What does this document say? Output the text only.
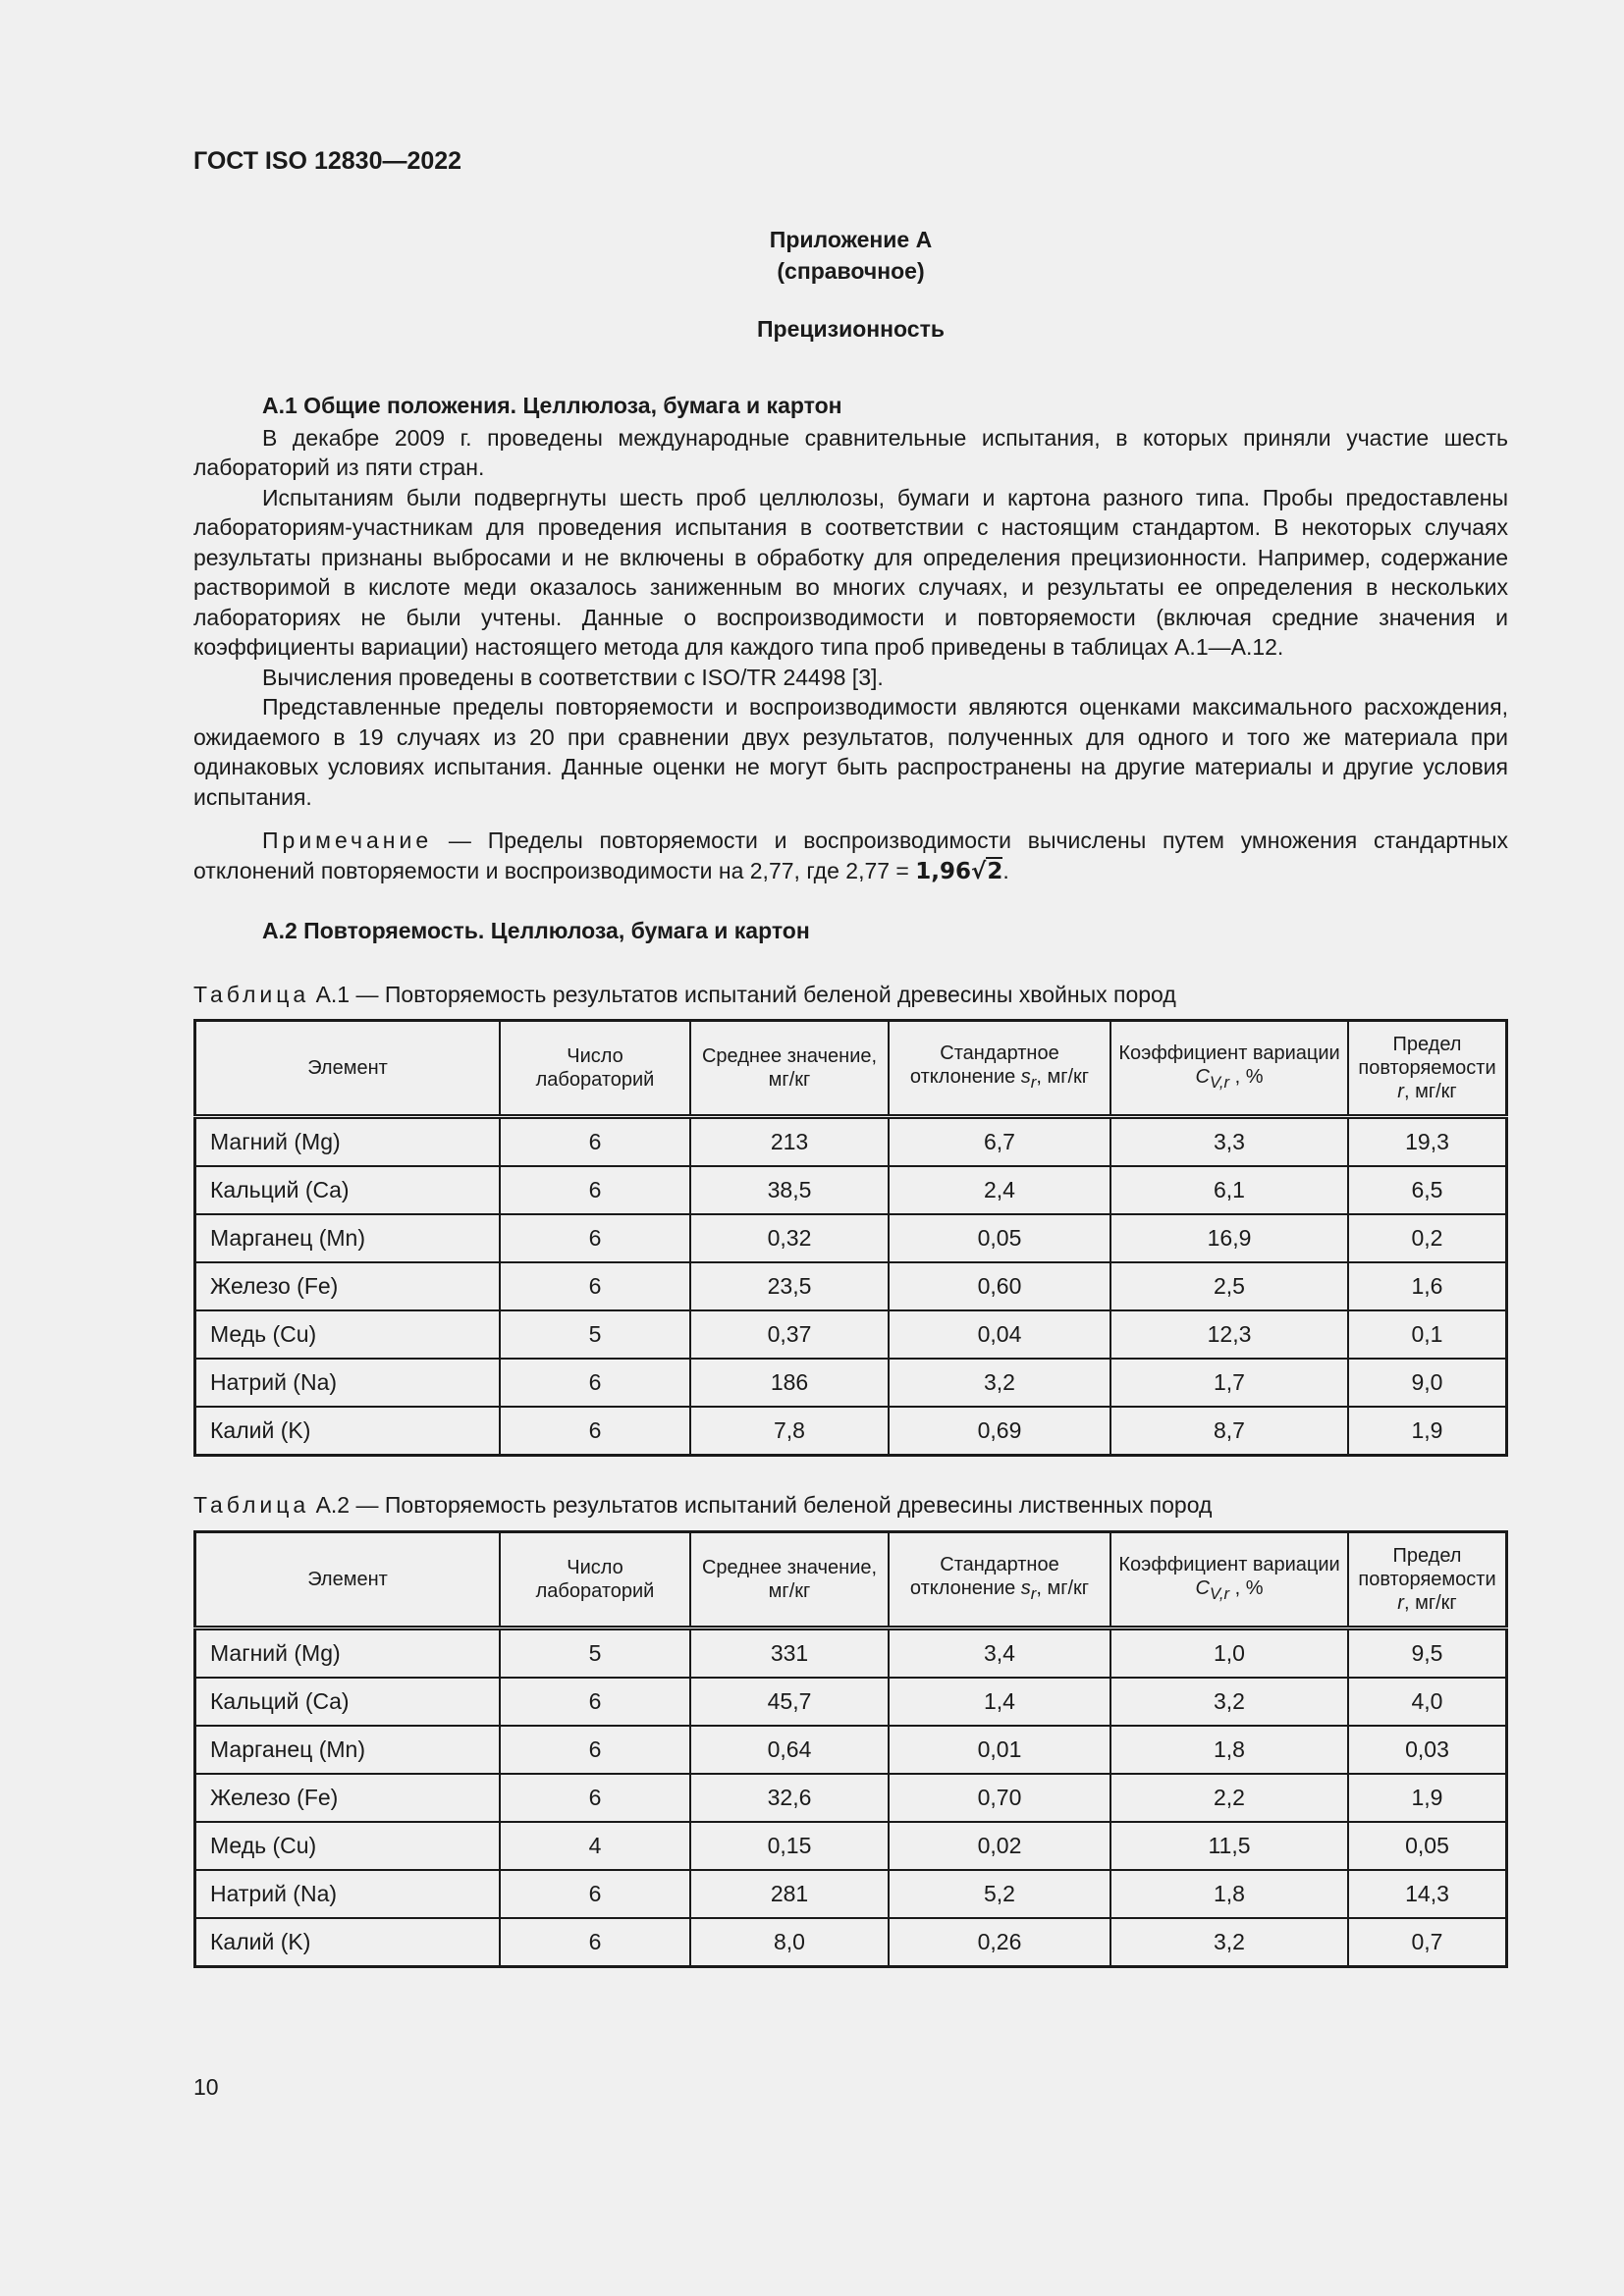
ГОСТ ISO 12830—2022
Приложение А
(справочное)
Прецизионность

А.1 Общие положения. Целлюлоза, бумага и картон

В декабре 2009 г. проведены международные сравнительные испытания, в которых приняли участие шесть лабораторий из пяти стран.

Испытаниям были подвергнуты шесть проб целлюлозы, бумаги и картона разного типа. Пробы предоставлены лабораториям-участникам для проведения испытания в соответствии с настоящим стандартом. В некоторых случаях результаты признаны выбросами и не включены в обработку для определения прецизионности. Например, содержание растворимой в кислоте меди оказалось заниженным во многих случаях, и результаты ее определения в нескольких лабораториях не были учтены. Данные о воспроизводимости и повторяемости (включая средние значения и коэффициенты вариации) настоящего метода для каждого типа проб приведены в таблицах А.1—А.12.

Вычисления проведены в соответствии с ISO/TR 24498 [3].

Представленные пределы повторяемости и воспроизводимости являются оценками максимального расхождения, ожидаемого в 19 случаях из 20 при сравнении двух результатов, полученных для одного и того же материала при одинаковых условиях испытания. Данные оценки не могут быть распространены на другие материалы и другие условия испытания.

Примечание — Пределы повторяемости и воспроизводимости вычислены путем умножения стандартных отклонений повторяемости и воспроизводимости на 2,77, где 2,77 = 1,96√2.

А.2 Повторяемость. Целлюлоза, бумага и картон

Таблица А.1 — Повторяемость результатов испытаний беленой древесины хвойных пород

Элемент	Число лабораторий	Среднее значение, мг/кг	Стандартное отклонение $s_r$, мг/кг	Коэффициент вариации $C_{V,r}$ , %	Предел повторяемости r, мг/кг
Магний (Mg)	6	213	6,7	3,3	19,3
Кальций (Ca)	6	38,5	2,4	6,1	6,5
Марганец (Mn)	6	0,32	0,05	16,9	0,2
Железо (Fe)	6	23,5	0,60	2,5	1,6
Медь (Cu)	5	0,37	0,04	12,3	0,1
Натрий (Na)	6	186	3,2	1,7	9,0
Калий (K)	6	7,8	0,69	8,7	1,9

Таблица А.2 — Повторяемость результатов испытаний беленой древесины лиственных пород

Элемент	Число лабораторий	Среднее значение, мг/кг	Стандартное отклонение $s_r$, мг/кг	Коэффициент вариации $C_{V,r}$ , %	Предел повторяемости r, мг/кг
Магний (Mg)	5	331	3,4	1,0	9,5
Кальций (Ca)	6	45,7	1,4	3,2	4,0
Марганец (Mn)	6	0,64	0,01	1,8	0,03
Железо (Fe)	6	32,6	0,70	2,2	1,9
Медь (Cu)	4	0,15	0,02	11,5	0,05
Натрий (Na)	6	281	5,2	1,8	14,3
Калий (K)	6	8,0	0,26	3,2	0,7
10
